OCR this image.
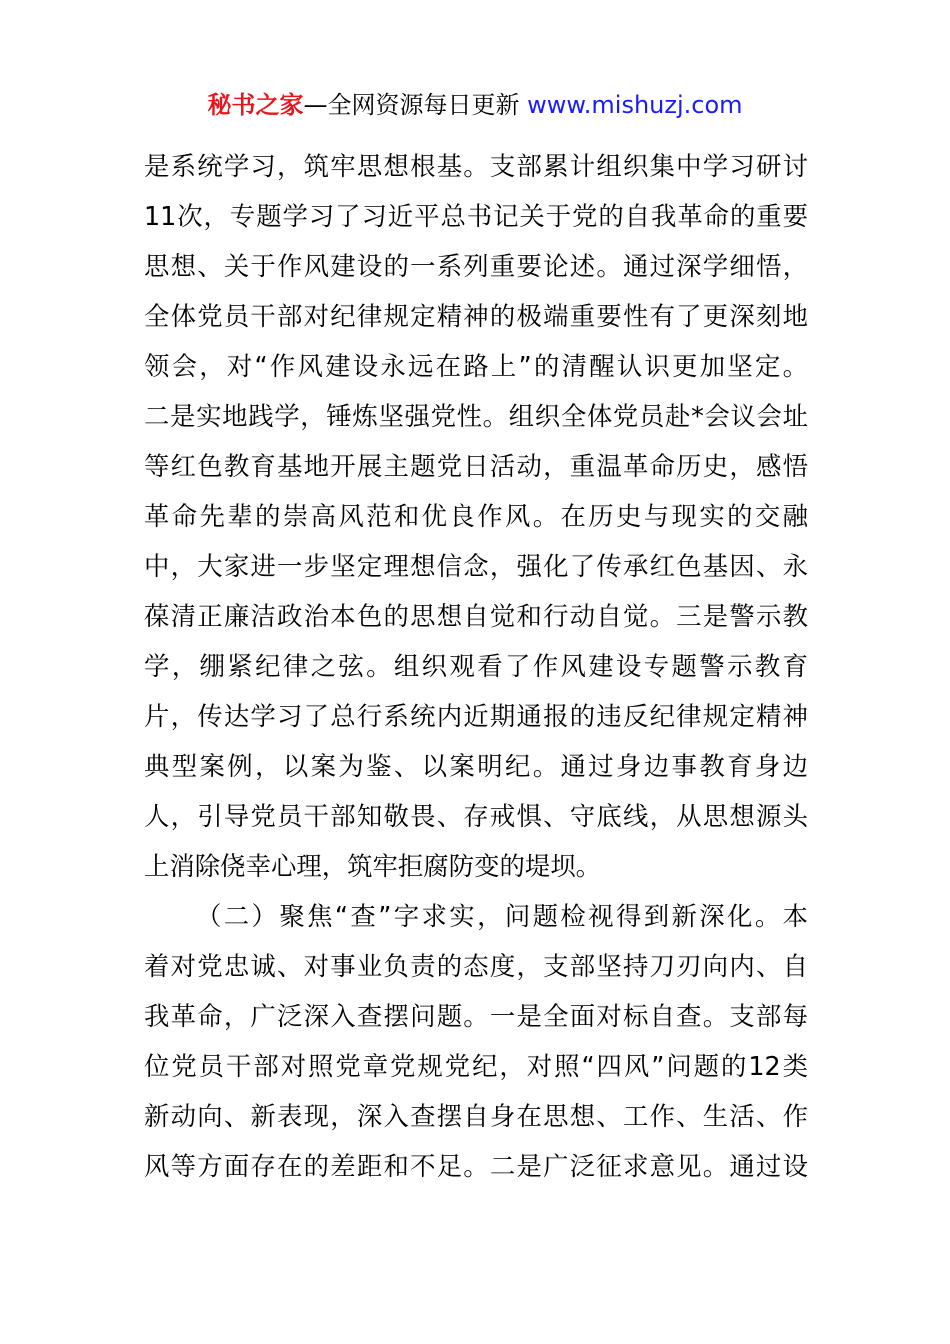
秘书之家—全网资源每日更新 www.mishuzj.com
是系统学习，筑牢思想根基。支部累计组织集中学习研讨
11次，专题学习了习近平总书记关于党的自我革命的重要
思想、关于作风建设的一系列重要论述。通过深学细悟，
全体党员干部对纪律规定精神的极端重要性有了更深刻地
领会，对“作风建设永远在路上”的清醒认识更加坚定。
二是实地践学，锤炼坚强党性。组织全体党员赴*会议会址
等红色教育基地开展主题党日活动，重温革命历史，感悟
革命先辈的崇高风范和优良作风。在历史与现实的交融
中，大家进一步坚定理想信念，强化了传承红色基因、永
葆清正廉洁政治本色的思想自觉和行动自觉。三是警示教
学，绷紧纪律之弦。组织观看了作风建设专题警示教育
片，传达学习了总行系统内近期通报的违反纪律规定精神
典型案例，以案为鉴、以案明纪。通过身边事教育身边
人，引导党员干部知敬畏、存戒惧、守底线，从思想源头
上消除侥幸心理，筑牢拒腐防变的堤坝。
（二）聚焦“查”字求实，问题检视得到新深化。本
着对党忠诚、对事业负责的态度，支部坚持刀刃向内、自
我革命，广泛深入查摆问题。一是全面对标自查。支部每
位党员干部对照党章党规党纪，对照“四风”问题的12类
新动向、新表现，深入查摆自身在思想、工作、生活、作
风等方面存在的差距和不足。二是广泛征求意见。通过设
